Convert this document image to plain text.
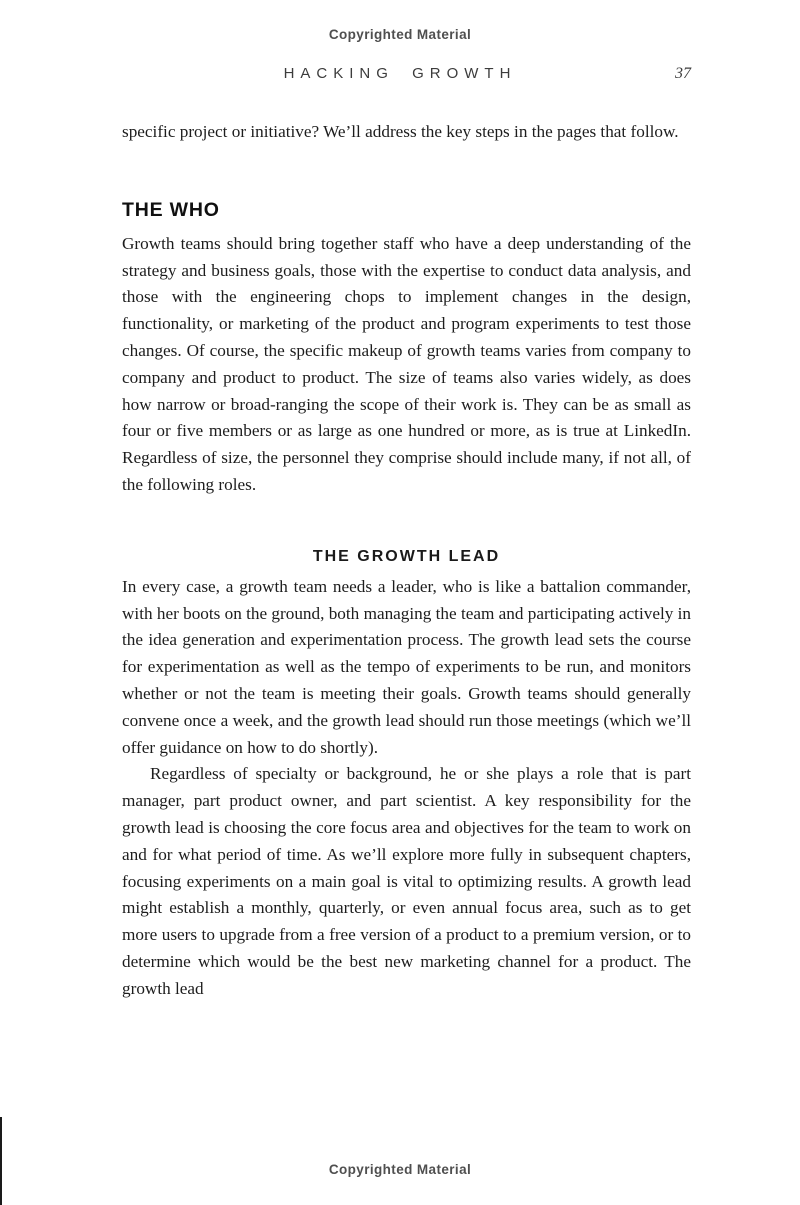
Copyrighted Material
HACKING GROWTH	37

specific project or initiative? We’ll address the key steps in the pages that follow.

THE WHO

Growth teams should bring together staff who have a deep understanding of the strategy and business goals, those with the expertise to conduct data analysis, and those with the engineering chops to implement changes in the design, functionality, or marketing of the product and program experiments to test those changes. Of course, the specific makeup of growth teams varies from company to company and product to product. The size of teams also varies widely, as does how narrow or broad-ranging the scope of their work is. They can be as small as four or five members or as large as one hundred or more, as is true at LinkedIn. Regardless of size, the personnel they comprise should include many, if not all, of the following roles.

THE GROWTH LEAD

In every case, a growth team needs a leader, who is like a battalion commander, with her boots on the ground, both managing the team and participating actively in the idea generation and experimentation process. The growth lead sets the course for experimentation as well as the tempo of experiments to be run, and monitors whether or not the team is meeting their goals. Growth teams should generally convene once a week, and the growth lead should run those meetings (which we’ll offer guidance on how to do shortly).

Regardless of specialty or background, he or she plays a role that is part manager, part product owner, and part scientist. A key responsibility for the growth lead is choosing the core focus area and objectives for the team to work on and for what period of time. As we’ll explore more fully in subsequent chapters, focusing experiments on a main goal is vital to optimizing results. A growth lead might establish a monthly, quarterly, or even annual focus area, such as to get more users to upgrade from a free version of a product to a premium version, or to determine which would be the best new marketing channel for a product. The growth lead

Copyrighted Material
